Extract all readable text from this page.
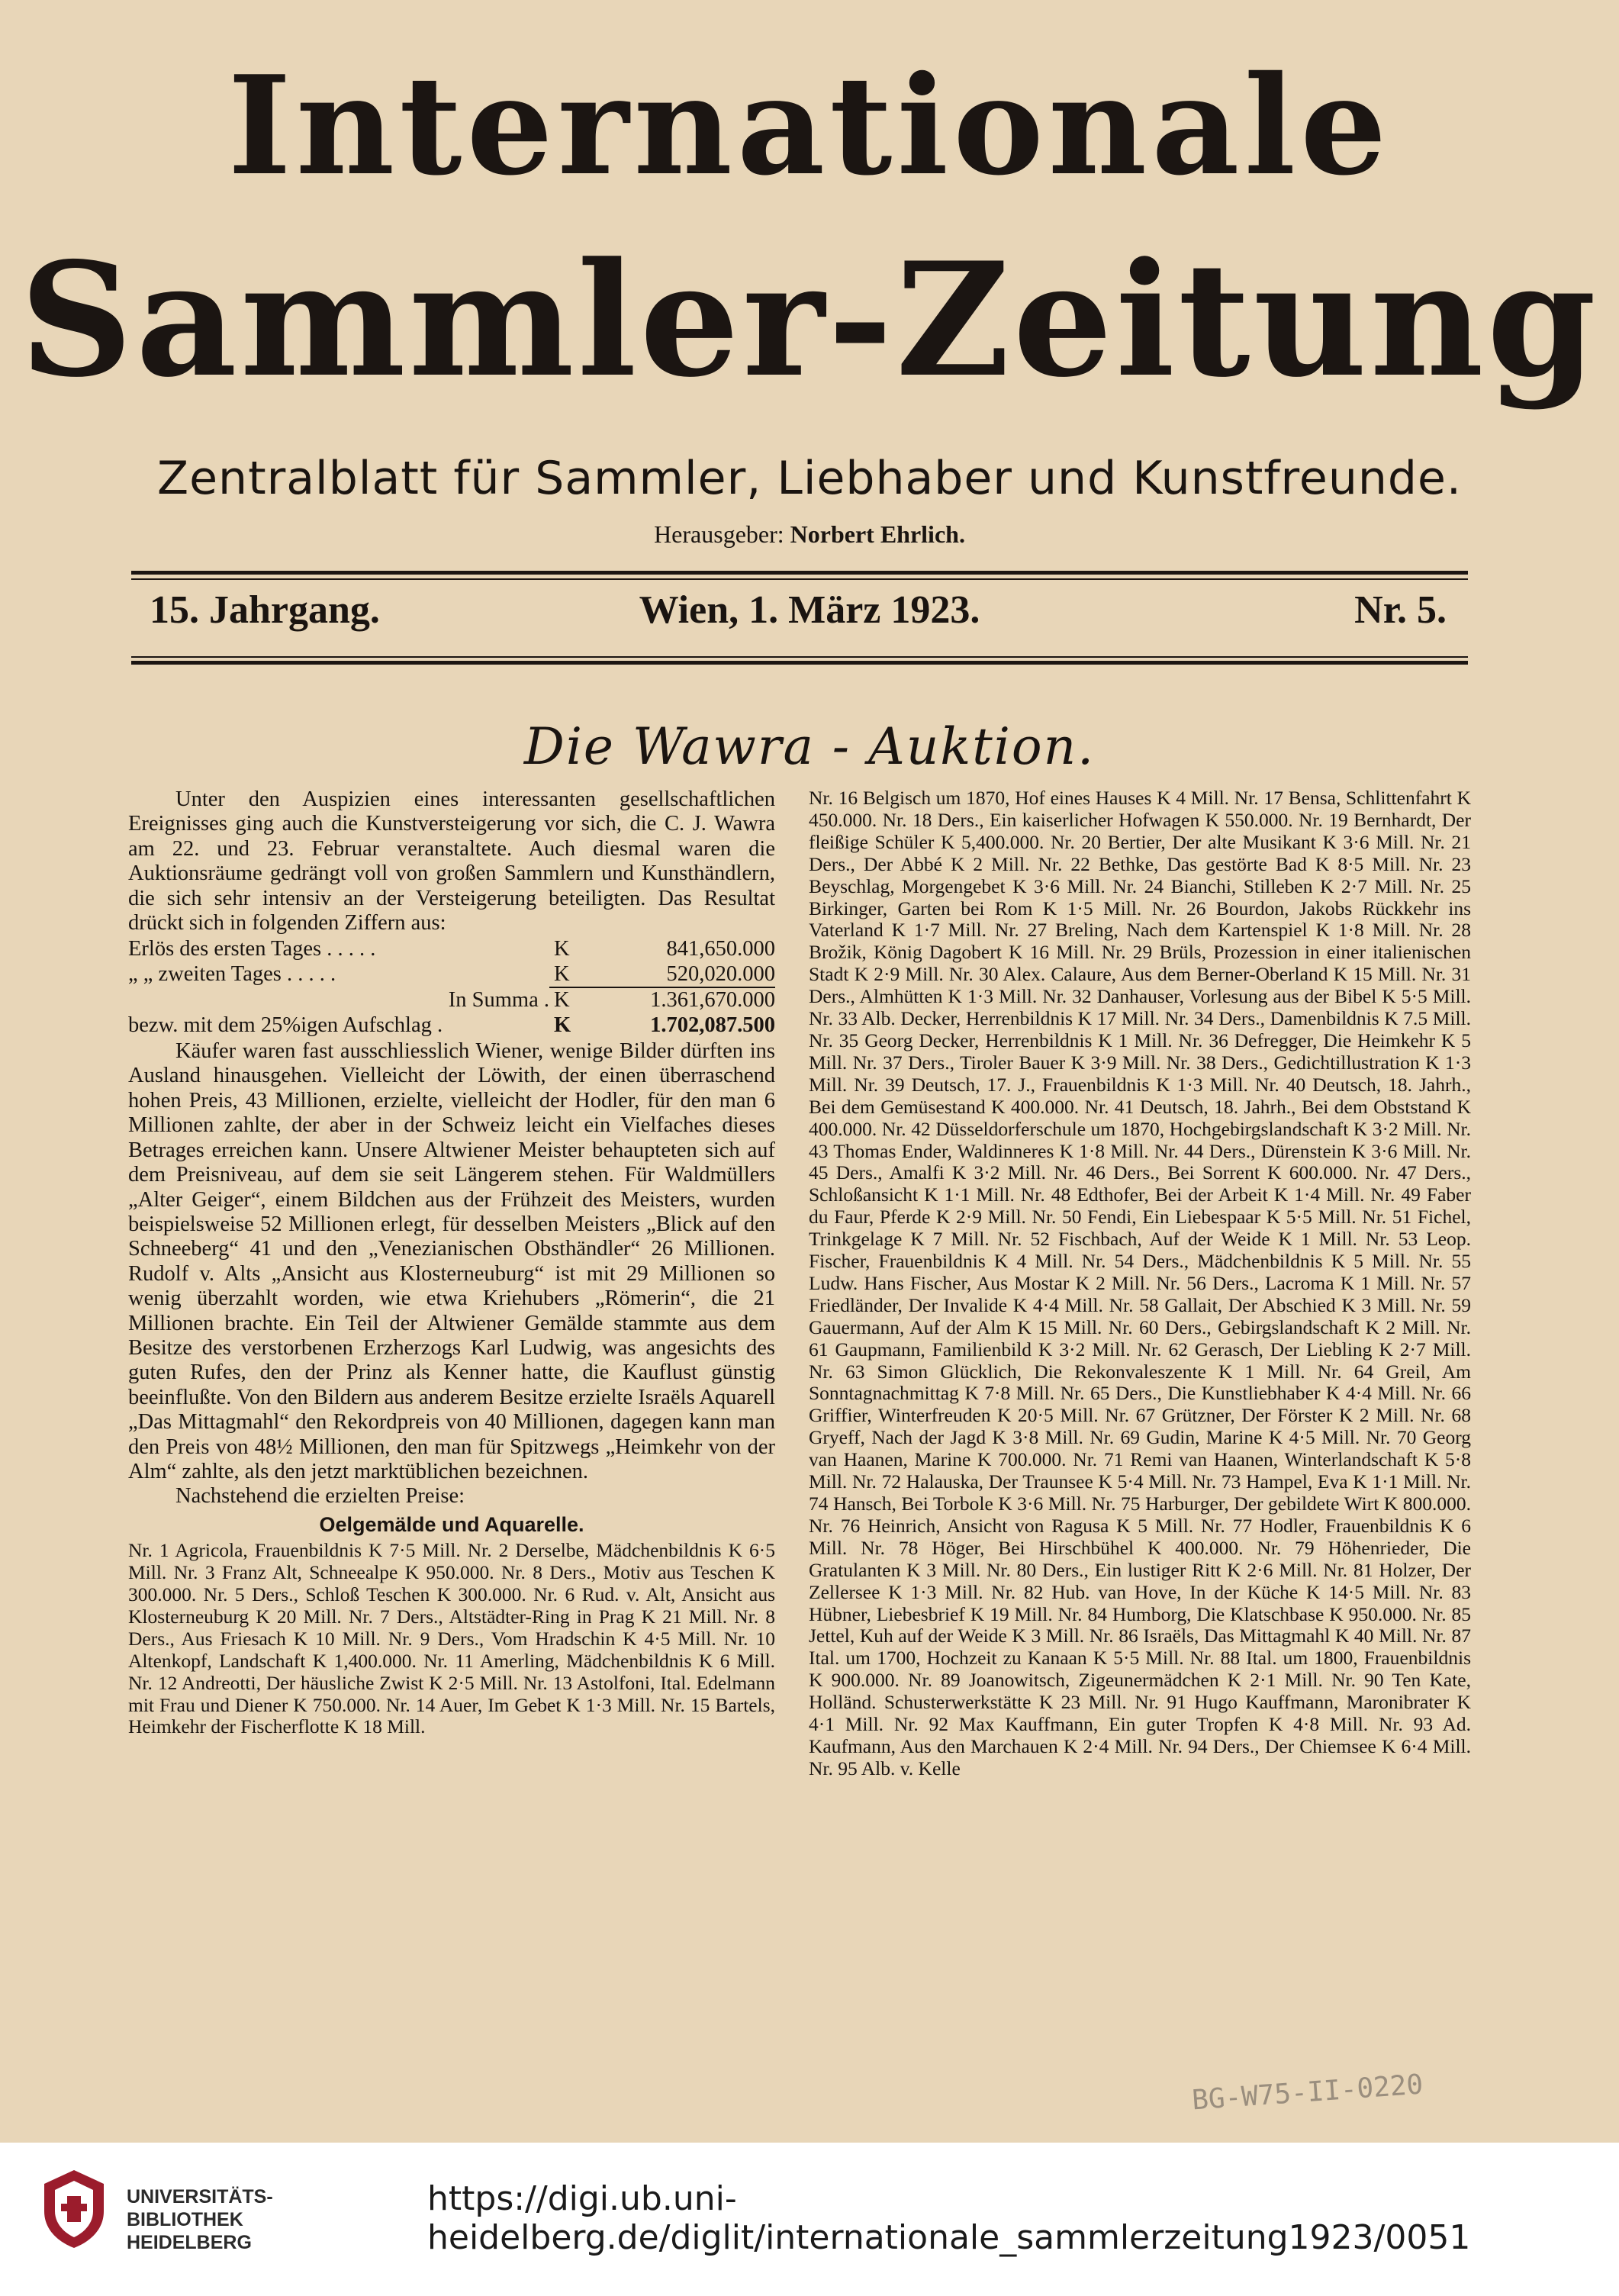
Internationale
Sammler-Zeitung
Zentralblatt für Sammler, Liebhaber und Kunstfreunde.
Herausgeber: Norbert Ehrlich.
15. Jahrgang.	Wien, 1. März 1923.	Nr. 5.
Die Wawra - Auktion.

Unter den Auspizien eines interessanten gesellschaftlichen Ereignisses ging auch die Kunstversteigerung vor sich, die C. J. Wawra am 22. und 23. Februar veranstaltete. Auch diesmal waren die Auktionsräume gedrängt voll von großen Sammlern und Kunsthändlern, die sich sehr intensiv an der Versteigerung beteiligten. Das Resultat drückt sich in folgenden Ziffern aus:

Erlös des ersten Tages . . . . .	K	841,650.000
„ „ zweiten Tages . . . . .	K	520,020.000
In Summa . K	1.361,670.000
bezw. mit dem 25%igen Aufschlag .	K	1.702,087.500

Käufer waren fast ausschliesslich Wiener, wenige Bilder dürften ins Ausland hinausgehen. Vielleicht der Löwith, der einen überraschend hohen Preis, 43 Millionen, erzielte, vielleicht der Hodler, für den man 6 Millionen zahlte, der aber in der Schweiz leicht ein Vielfaches dieses Betrages erreichen kann. Unsere Altwiener Meister behaupteten sich auf dem Preisniveau, auf dem sie seit Längerem stehen. Für Waldmüllers „Alter Geiger“, einem Bildchen aus der Frühzeit des Meisters, wurden beispielsweise 52 Millionen erlegt, für desselben Meisters „Blick auf den Schneeberg“ 41 und den „Venezianischen Obsthändler“ 26 Millionen. Rudolf v. Alts „Ansicht aus Klosterneuburg“ ist mit 29 Millionen so wenig überzahlt worden, wie etwa Kriehubers „Römerin“, die 21 Millionen brachte. Ein Teil der Altwiener Gemälde stammte aus dem Besitze des verstorbenen Erzherzogs Karl Ludwig, was angesichts des guten Rufes, den der Prinz als Kenner hatte, die Kauflust günstig beeinflußte. Von den Bildern aus anderem Besitze erzielte Israëls Aquarell „Das Mittagmahl“ den Rekordpreis von 40 Millionen, dagegen kann man den Preis von 48½ Millionen, den man für Spitzwegs „Heimkehr von der Alm“ zahlte, als den jetzt marktüblichen bezeichnen.

Nachstehend die erzielten Preise:

Oelgemälde und Aquarelle.

Nr. 1 Agricola, Frauenbildnis K 7·5 Mill. Nr. 2 Derselbe, Mädchenbildnis K 6·5 Mill. Nr. 3 Franz Alt, Schneealpe K 950.000. Nr. 8 Ders., Motiv aus Teschen K 300.000. Nr. 5 Ders., Schloß Teschen K 300.000. Nr. 6 Rud. v. Alt, Ansicht aus Klosterneuburg K 20 Mill. Nr. 7 Ders., Altstädter-Ring in Prag K 21 Mill. Nr. 8 Ders., Aus Friesach K 10 Mill. Nr. 9 Ders., Vom Hradschin K 4·5 Mill. Nr. 10 Altenkopf, Landschaft K 1,400.000. Nr. 11 Amerling, Mädchenbildnis K 6 Mill. Nr. 12 Andreotti, Der häusliche Zwist K 2·5 Mill. Nr. 13 Astolfoni, Ital. Edelmann mit Frau und Diener K 750.000. Nr. 14 Auer, Im Gebet K 1·3 Mill. Nr. 15 Bartels, Heimkehr der Fischerflotte K 18 Mill.

Nr. 16 Belgisch um 1870, Hof eines Hauses K 4 Mill. Nr. 17 Bensa, Schlittenfahrt K 450.000. Nr. 18 Ders., Ein kaiserlicher Hofwagen K 550.000. Nr. 19 Bernhardt, Der fleißige Schüler K 5,400.000. Nr. 20 Bertier, Der alte Musikant K 3·6 Mill. Nr. 21 Ders., Der Abbé K 2 Mill. Nr. 22 Bethke, Das gestörte Bad K 8·5 Mill. Nr. 23 Beyschlag, Morgengebet K 3·6 Mill. Nr. 24 Bianchi, Stilleben K 2·7 Mill. Nr. 25 Birkinger, Garten bei Rom K 1·5 Mill. Nr. 26 Bourdon, Jakobs Rückkehr ins Vaterland K 1·7 Mill. Nr. 27 Breling, Nach dem Kartenspiel K 1·8 Mill. Nr. 28 Brožik, König Dagobert K 16 Mill. Nr. 29 Brüls, Prozession in einer italienischen Stadt K 2·9 Mill. Nr. 30 Alex. Calaure, Aus dem Berner-Oberland K 15 Mill. Nr. 31 Ders., Almhütten K 1·3 Mill. Nr. 32 Danhauser, Vorlesung aus der Bibel K 5·5 Mill. Nr. 33 Alb. Decker, Herrenbildnis K 17 Mill. Nr. 34 Ders., Damenbildnis K 7.5 Mill. Nr. 35 Georg Decker, Herrenbildnis K 1 Mill. Nr. 36 Defregger, Die Heimkehr K 5 Mill. Nr. 37 Ders., Tiroler Bauer K 3·9 Mill. Nr. 38 Ders., Gedichtillustration K 1·3 Mill. Nr. 39 Deutsch, 17. J., Frauenbildnis K 1·3 Mill. Nr. 40 Deutsch, 18. Jahrh., Bei dem Gemüsestand K 400.000. Nr. 41 Deutsch, 18. Jahrh., Bei dem Obststand K 400.000. Nr. 42 Düsseldorferschule um 1870, Hochgebirgslandschaft K 3·2 Mill. Nr. 43 Thomas Ender, Waldinneres K 1·8 Mill. Nr. 44 Ders., Dürenstein K 3·6 Mill. Nr. 45 Ders., Amalfi K 3·2 Mill. Nr. 46 Ders., Bei Sorrent K 600.000. Nr. 47 Ders., Schloßansicht K 1·1 Mill. Nr. 48 Edthofer, Bei der Arbeit K 1·4 Mill. Nr. 49 Faber du Faur, Pferde K 2·9 Mill. Nr. 50 Fendi, Ein Liebespaar K 5·5 Mill. Nr. 51 Fichel, Trinkgelage K 7 Mill. Nr. 52 Fischbach, Auf der Weide K 1 Mill. Nr. 53 Leop. Fischer, Frauenbildnis K 4 Mill. Nr. 54 Ders., Mädchenbildnis K 5 Mill. Nr. 55 Ludw. Hans Fischer, Aus Mostar K 2 Mill. Nr. 56 Ders., Lacroma K 1 Mill. Nr. 57 Friedländer, Der Invalide K 4·4 Mill. Nr. 58 Gallait, Der Abschied K 3 Mill. Nr. 59 Gauermann, Auf der Alm K 15 Mill. Nr. 60 Ders., Gebirgslandschaft K 2 Mill. Nr. 61 Gaupmann, Familienbild K 3·2 Mill. Nr. 62 Gerasch, Der Liebling K 2·7 Mill. Nr. 63 Simon Glücklich, Die Rekonvaleszente K 1 Mill. Nr. 64 Greil, Am Sonntagnachmittag K 7·8 Mill. Nr. 65 Ders., Die Kunstliebhaber K 4·4 Mill. Nr. 66 Griffier, Winterfreuden K 20·5 Mill. Nr. 67 Grützner, Der Förster K 2 Mill. Nr. 68 Gryeff, Nach der Jagd K 3·8 Mill. Nr. 69 Gudin, Marine K 4·5 Mill. Nr. 70 Georg van Haanen, Marine K 700.000. Nr. 71 Remi van Haanen, Winterlandschaft K 5·8 Mill. Nr. 72 Halauska, Der Traunsee K 5·4 Mill. Nr. 73 Hampel, Eva K 1·1 Mill. Nr. 74 Hansch, Bei Torbole K 3·6 Mill. Nr. 75 Harburger, Der gebildete Wirt K 800.000. Nr. 76 Heinrich, Ansicht von Ragusa K 5 Mill. Nr. 77 Hodler, Frauenbildnis K 6 Mill. Nr. 78 Höger, Bei Hirschbühel K 400.000. Nr. 79 Höhenrieder, Die Gratulanten K 3 Mill. Nr. 80 Ders., Ein lustiger Ritt K 2·6 Mill. Nr. 81 Holzer, Der Zellersee K 1·3 Mill. Nr. 82 Hub. van Hove, In der Küche K 14·5 Mill. Nr. 83 Hübner, Liebesbrief K 19 Mill. Nr. 84 Humborg, Die Klatschbase K 950.000. Nr. 85 Jettel, Kuh auf der Weide K 3 Mill. Nr. 86 Israëls, Das Mittagmahl K 40 Mill. Nr. 87 Ital. um 1700, Hochzeit zu Kanaan K 5·5 Mill. Nr. 88 Ital. um 1800, Frauenbildnis K 900.000. Nr. 89 Joanowitsch, Zigeunermädchen K 2·1 Mill. Nr. 90 Ten Kate, Holländ. Schusterwerkstätte K 23 Mill. Nr. 91 Hugo Kauffmann, Maronibrater K 4·1 Mill. Nr. 92 Max Kauffmann, Ein guter Tropfen K 4·8 Mill. Nr. 93 Ad. Kaufmann, Aus den Marchauen K 2·4 Mill. Nr. 94 Ders., Der Chiemsee K 6·4 Mill. Nr. 95 Alb. v. Kelle

BG-W75-II-0220
UNIVERSITÄTS-
BIBLIOTHEK
HEIDELBERG
https://digi.ub.uni-heidelberg.de/diglit/internationale_sammlerzeitung1923/0051
